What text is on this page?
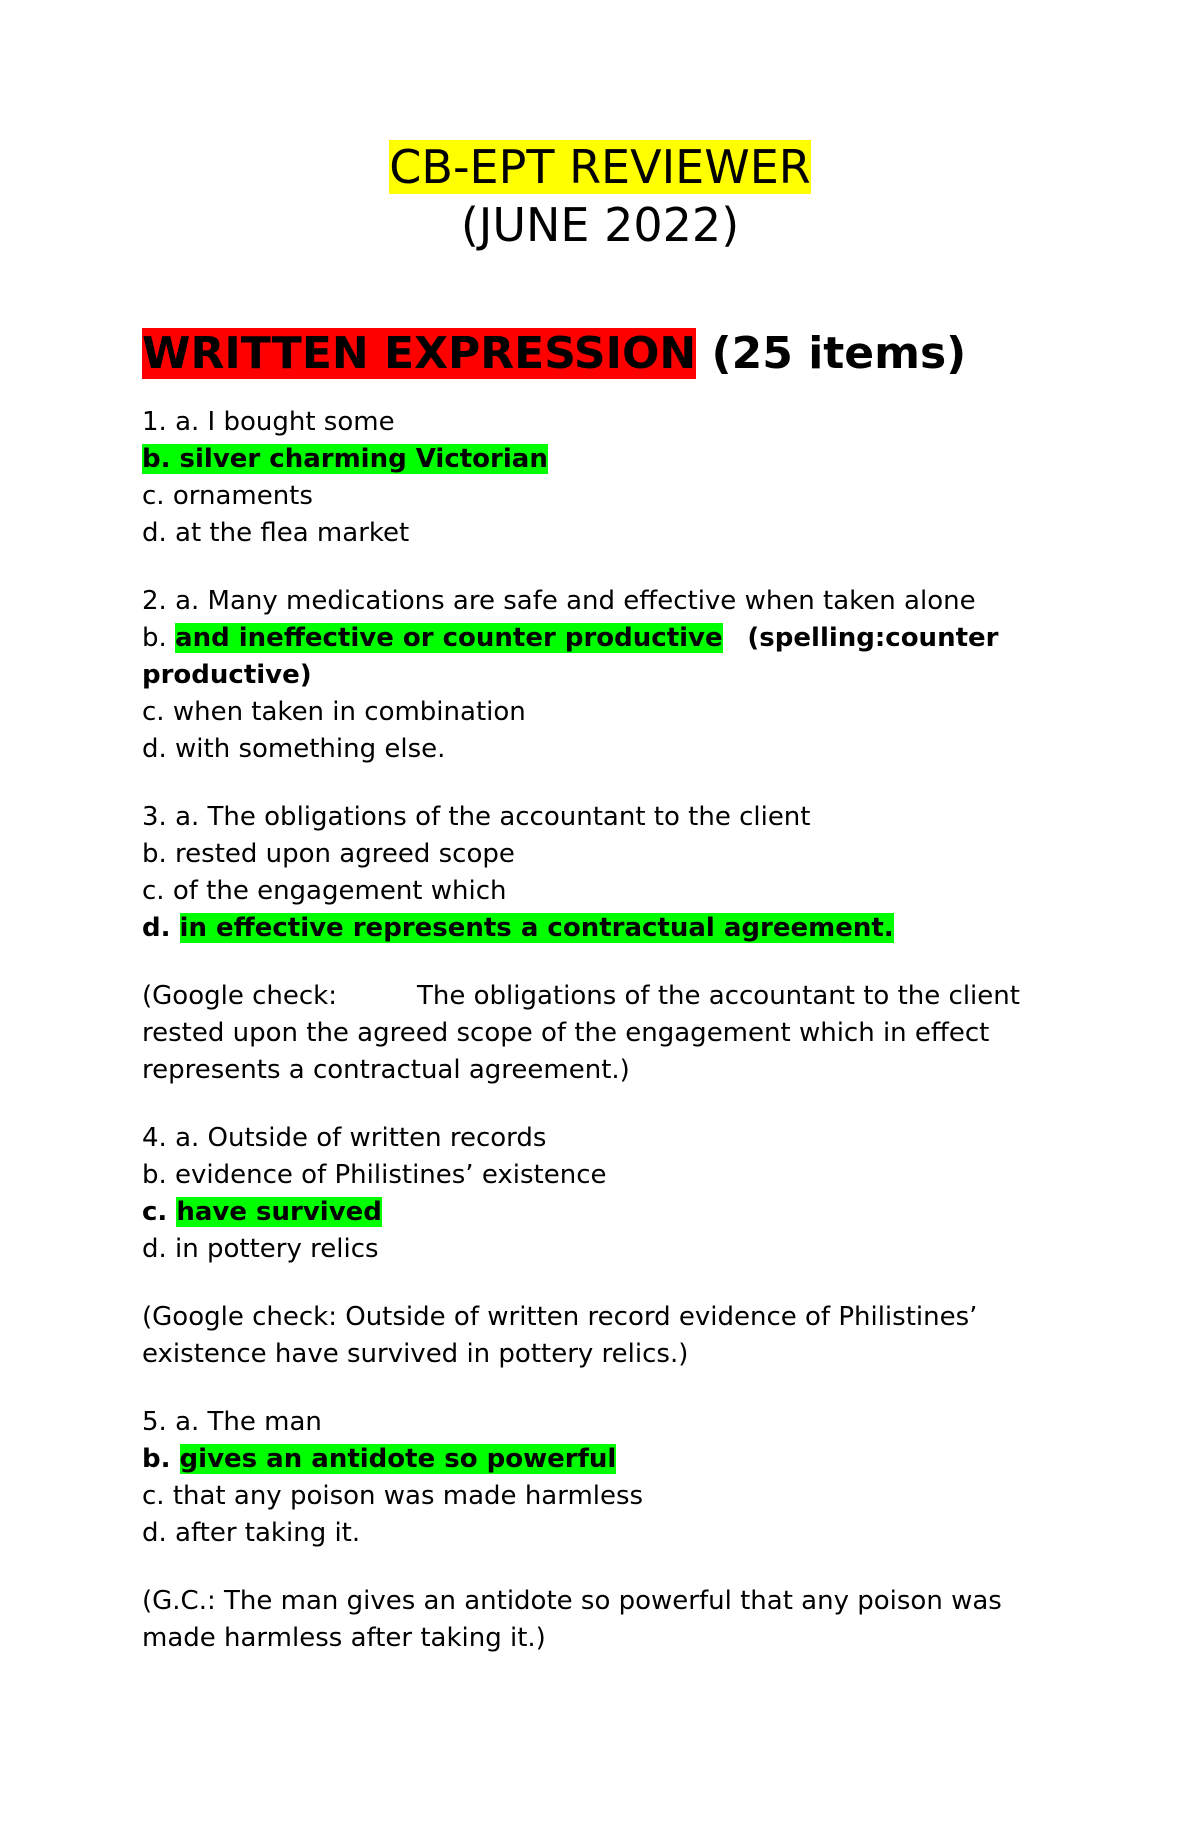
CB-EPT REVIEWER
(JUNE 2022)
WRITTEN EXPRESSION (25 items)
1. a. I bought some
b. silver charming Victorian
c. ornaments
d. at the flea market
2. a. Many medications are safe and effective when taken alone
b. and ineffective or counter productive (spelling:counter productive)
c. when taken in combination
d. with something else.
3. a. The obligations of the accountant to the client
b. rested upon agreed scope
c. of the engagement which
d. in effective represents a contractual agreement.
(Google check:	The obligations of the accountant to the client rested upon the agreed scope of the engagement which in effect represents a contractual agreement.)
4. a. Outside of written records
b. evidence of Philistines’ existence
c. have survived
d. in pottery relics
(Google check: Outside of written record evidence of Philistines’ existence have survived in pottery relics.)
5. a. The man
b. gives an antidote so powerful
c. that any poison was made harmless
d. after taking it.
(G.C.: The man gives an antidote so powerful that any poison was made harmless after taking it.)
